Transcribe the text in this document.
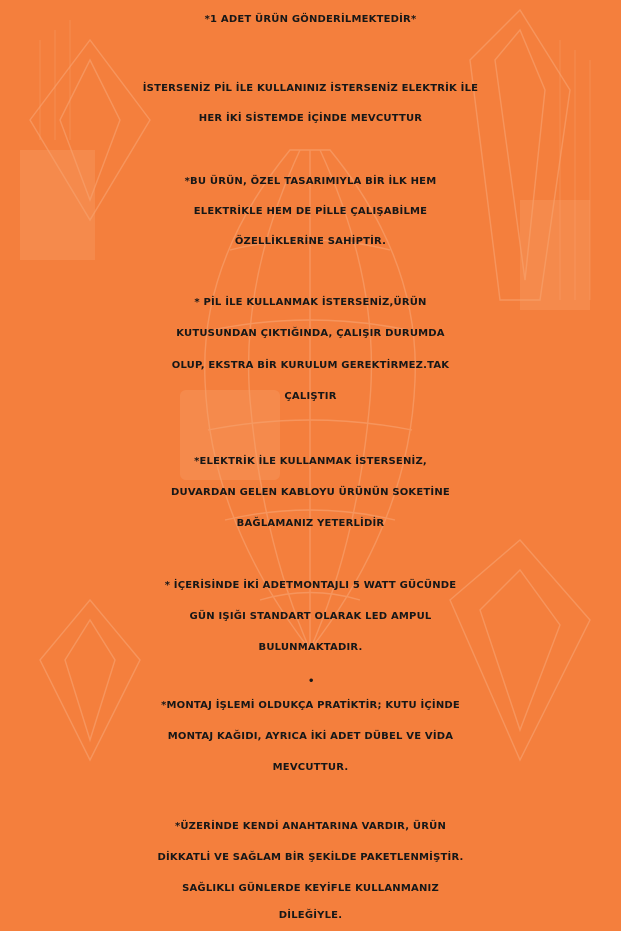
*1 ADET ÜRÜN GÖNDERİLMEKTEDİR*
İSTERSENİZ PİL İLE KULLANINIZ İSTERSENİZ ELEKTRİK İLE
HER İKİ SİSTEMDE İÇİNDE MEVCUTTUR
*BU ÜRÜN, ÖZEL TASARIMIYLA BİR İLK HEM
ELEKTRİKLE HEM DE PİLLE ÇALIŞABİLME
ÖZELLİKLERİNE SAHİPTİR.
* PİL İLE KULLANMAK İSTERSENİZ,ÜRÜN
KUTUSUNDAN ÇIKTIĞINDA, ÇALIŞIR DURUMDA
OLUP, EKSTRA BİR KURULUM GEREKTİRMEZ.TAK
ÇALIŞTIR
*ELEKTRİK İLE KULLANMAK İSTERSENİZ,
DUVARDAN GELEN KABLOYU ÜRÜNÜN SOKETİNE
BAĞLAMANIZ YETERLİDİR
* İÇERİSİNDE İKİ ADETMONTAJLI 5 WATT GÜCÜNDE
GÜN IŞIĞI STANDART OLARAK LED AMPUL
BULUNMAKTADIR.
•
*MONTAJ İŞLEMİ OLDUKÇA PRATİKTİR; KUTU İÇİNDE
MONTAJ KAĞIDI, AYRICA İKİ ADET DÜBEL VE VİDA
MEVCUTTUR.
*ÜZERİNDE KENDİ ANAHTARINA VARDIR, ÜRÜN
DİKKATLİ VE SAĞLAM BİR ŞEKİLDE PAKETLENMİŞTİR.
SAĞLIKLI GÜNLERDE KEYİFLE KULLANMANIZ
DİLEĞİYLE.
